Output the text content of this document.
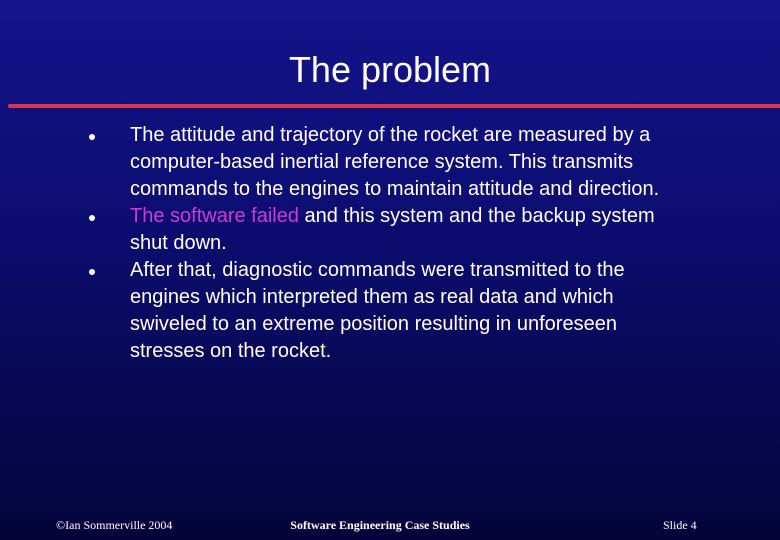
The problem
The attitude and trajectory of the rocket are measured by a computer-based inertial reference system. This transmits commands to the engines to maintain attitude and direction.
The software failed and this system and the backup system shut down.
After that, diagnostic commands were transmitted to the engines which interpreted them as real data and which swiveled to an extreme position resulting in unforeseen stresses on the rocket.
©Ian Sommerville 2004	Software Engineering Case Studies	Slide 4
